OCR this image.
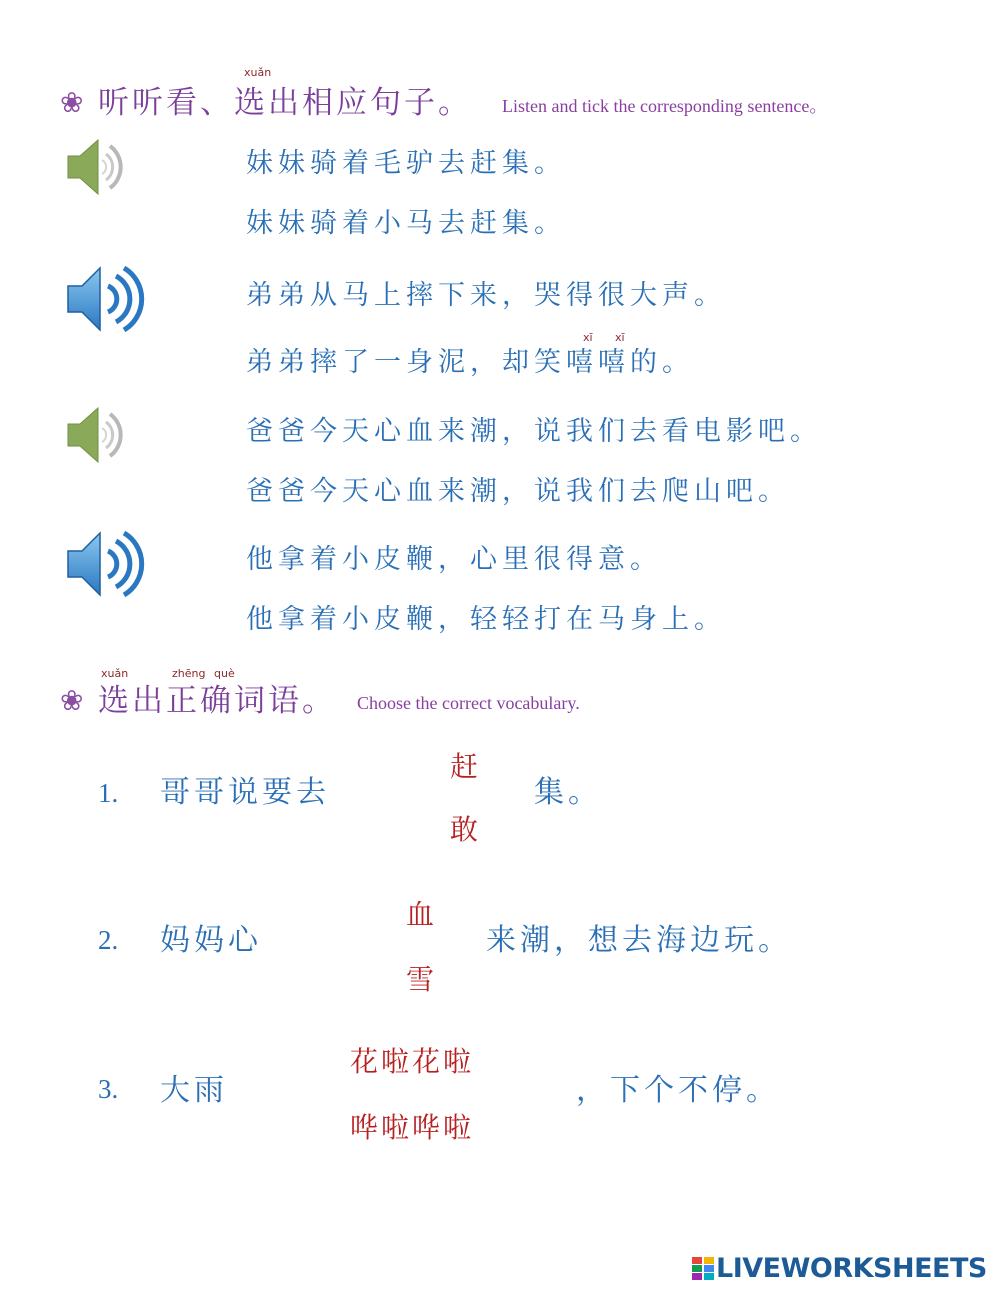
❀
xuǎn
听听看、选出相应句子。 Listen and tick the corresponding sentence。
妹妹骑着毛驴去赶集。
妹妹骑着小马去赶集。
弟弟从马上摔下来，哭得很大声。
xī xī
弟弟摔了一身泥，却笑嘻嘻的。
爸爸今天心血来潮，说我们去看电影吧。
爸爸今天心血来潮，说我们去爬山吧。
他拿着小皮鞭，心里很得意。
他拿着小皮鞭，轻轻打在马身上。
❀
xuǎn	zhēng què
选出正确词语。 Choose the correct vocabulary.
1. 哥哥说要去
赶
敢
集。
2. 妈妈心
血
雪
来潮，想去海边玩。
3. 大雨
花啦花啦
哗啦哗啦
，下个不停。
LIVEWORKSHEETS
